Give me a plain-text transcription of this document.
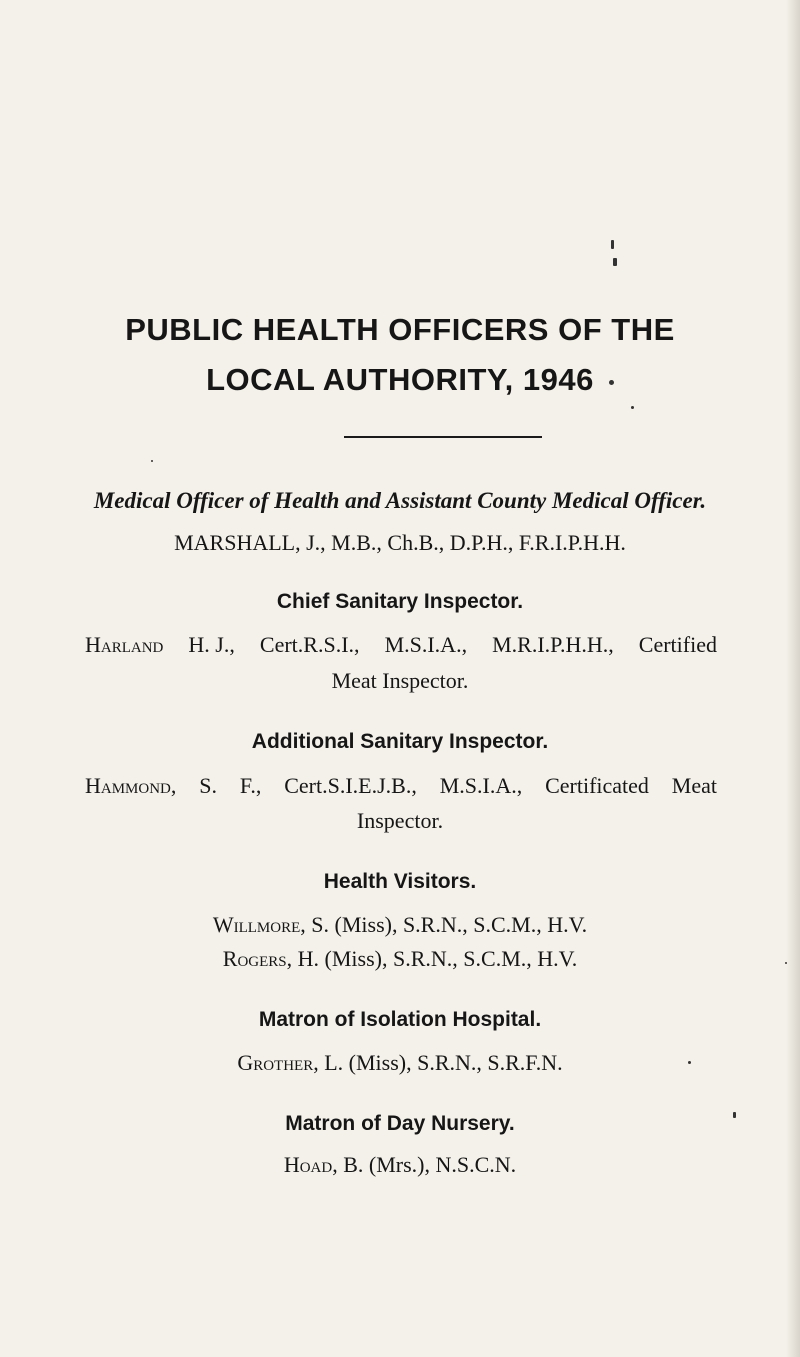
PUBLIC HEALTH OFFICERS OF THE
LOCAL AUTHORITY, 1946
Medical Officer of Health and Assistant County Medical Officer.
MARSHALL, J., M.B., Ch.B., D.P.H., F.R.I.P.H.H.
Chief Sanitary Inspector.
Harland H. J., Cert.R.S.I., M.S.I.A., M.R.I.P.H.H., Certified
Meat Inspector.
Additional Sanitary Inspector.
Hammond, S. F., Cert.S.I.E.J.B., M.S.I.A., Certificated Meat
Inspector.
Health Visitors.
Willmore, S. (Miss), S.R.N., S.C.M., H.V.
Rogers, H. (Miss), S.R.N., S.C.M., H.V.
Matron of Isolation Hospital.
Grother, L. (Miss), S.R.N., S.R.F.N.
Matron of Day Nursery.
Hoad, B. (Mrs.), N.S.C.N.
